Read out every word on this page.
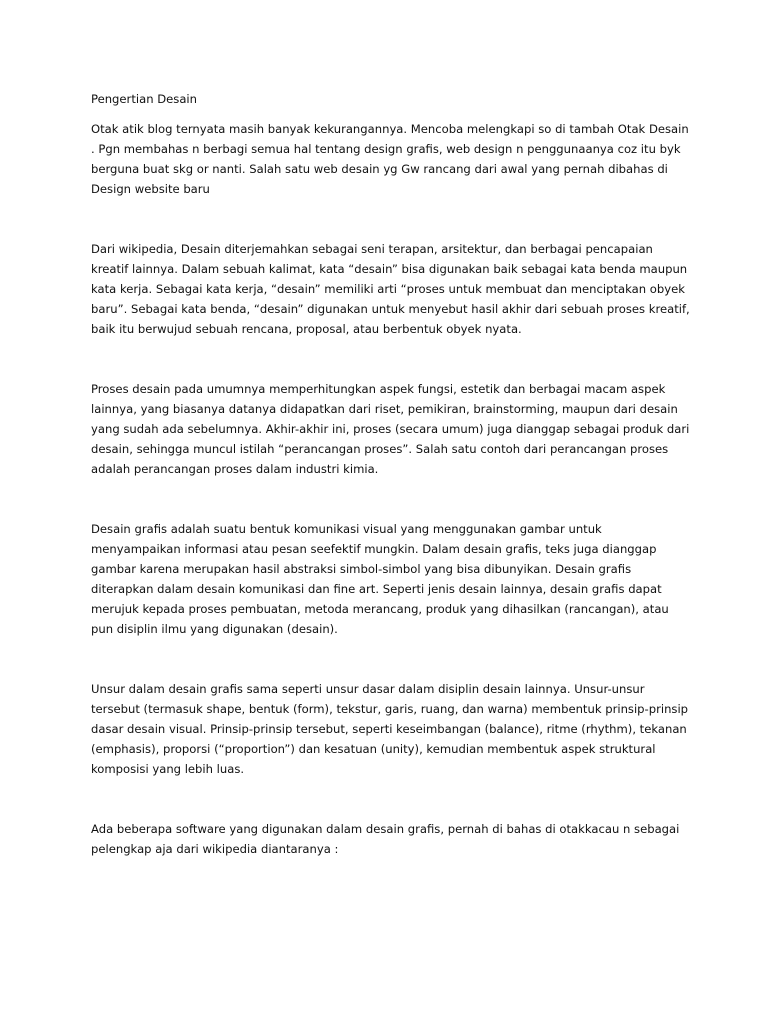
Pengertian Desain

Otak atik blog ternyata masih banyak kekurangannya. Mencoba melengkapi so di tambah Otak Desain . Pgn membahas n berbagi semua hal tentang design grafis, web design n penggunaanya coz itu byk berguna buat skg or nanti. Salah satu web desain yg Gw rancang dari awal yang pernah dibahas di Design website baru

Dari wikipedia, Desain diterjemahkan sebagai seni terapan, arsitektur, dan berbagai pencapaian kreatif lainnya. Dalam sebuah kalimat, kata “desain” bisa digunakan baik sebagai kata benda maupun kata kerja. Sebagai kata kerja, “desain” memiliki arti “proses untuk membuat dan menciptakan obyek baru”. Sebagai kata benda, “desain” digunakan untuk menyebut hasil akhir dari sebuah proses kreatif, baik itu berwujud sebuah rencana, proposal, atau berbentuk obyek nyata.

Proses desain pada umumnya memperhitungkan aspek fungsi, estetik dan berbagai macam aspek lainnya, yang biasanya datanya didapatkan dari riset, pemikiran, brainstorming, maupun dari desain yang sudah ada sebelumnya. Akhir-akhir ini, proses (secara umum) juga dianggap sebagai produk dari desain, sehingga muncul istilah “perancangan proses”. Salah satu contoh dari perancangan proses adalah perancangan proses dalam industri kimia.

Desain grafis adalah suatu bentuk komunikasi visual yang menggunakan gambar untuk menyampaikan informasi atau pesan seefektif mungkin. Dalam desain grafis, teks juga dianggap gambar karena merupakan hasil abstraksi simbol-simbol yang bisa dibunyikan. Desain grafis diterapkan dalam desain komunikasi dan fine art. Seperti jenis desain lainnya, desain grafis dapat merujuk kepada proses pembuatan, metoda merancang, produk yang dihasilkan (rancangan), atau pun disiplin ilmu yang digunakan (desain).

Unsur dalam desain grafis sama seperti unsur dasar dalam disiplin desain lainnya. Unsur-unsur tersebut (termasuk shape, bentuk (form), tekstur, garis, ruang, dan warna) membentuk prinsip-prinsip dasar desain visual. Prinsip-prinsip tersebut, seperti keseimbangan (balance), ritme (rhythm), tekanan (emphasis), proporsi (“proportion”) dan kesatuan (unity), kemudian membentuk aspek struktural komposisi yang lebih luas.

Ada beberapa software yang digunakan dalam desain grafis, pernah di bahas di otakkacau n sebagai pelengkap aja dari wikipedia diantaranya :
